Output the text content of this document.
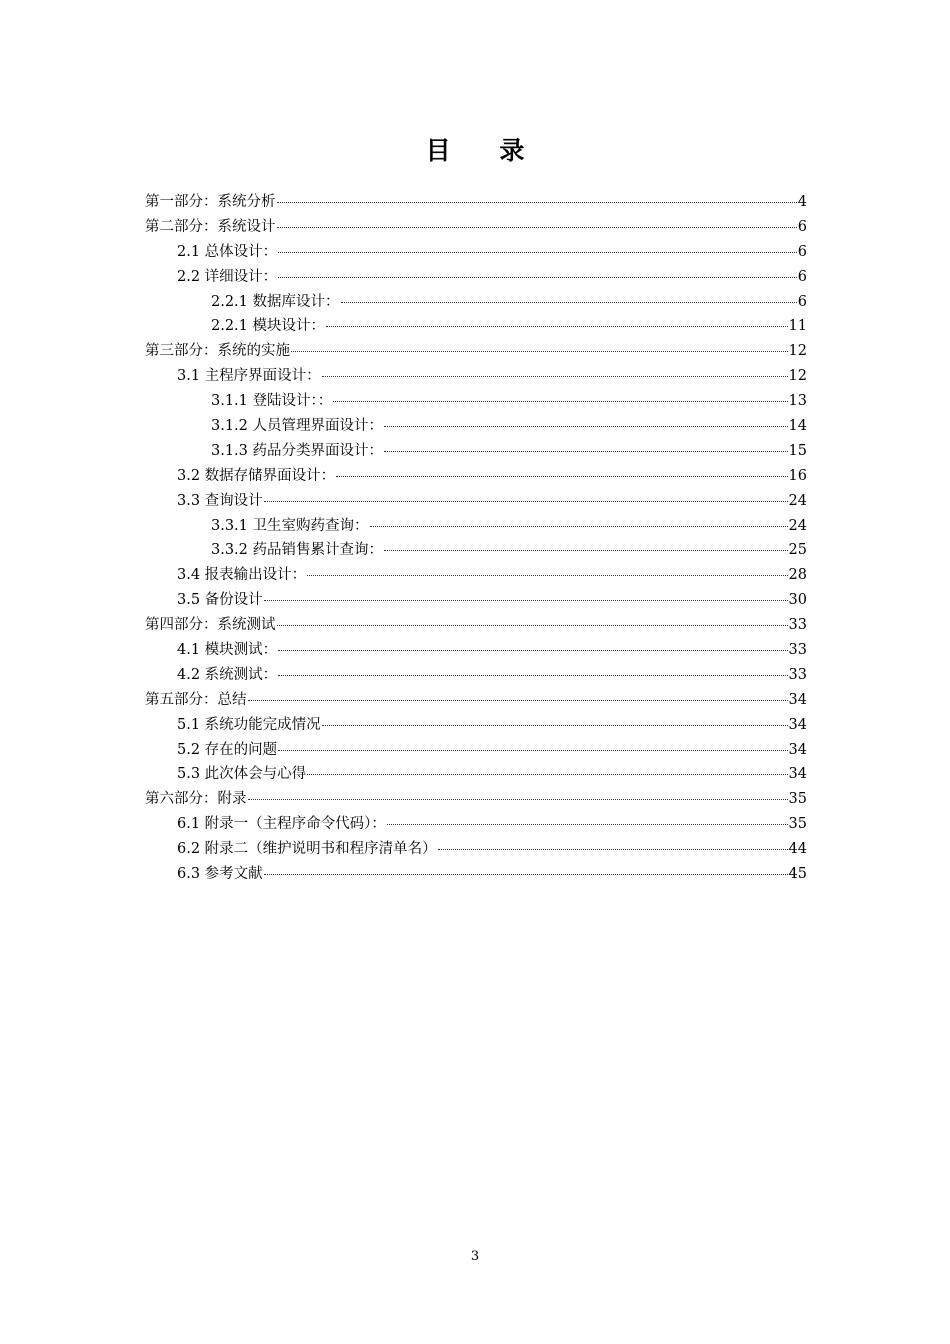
目 录
第一部分：系统分析	4
第二部分：系统设计	6
2.1 总体设计：	6
2.2 详细设计：	6
2.2.1 数据库设计：	6
2.2.1 模块设计：	11
第三部分：系统的实施	12
3.1 主程序界面设计：	12
3.1.1 登陆设计：：	13
3.1.2 人员管理界面设计：	14
3.1.3 药品分类界面设计：	15
3.2 数据存储界面设计：	16
3.3 查询设计	24
3.3.1 卫生室购药查询：	24
3.3.2 药品销售累计查询：	25
3.4 报表输出设计：	28
3.5 备份设计	30
第四部分：系统测试	33
4.1 模块测试：	33
4.2 系统测试：	33
第五部分：总结	34
5.1 系统功能完成情况	34
5.2 存在的问题	34
5.3 此次体会与心得	34
第六部分：附录	35
6.1 附录一（主程序命令代码）：	35
6.2 附录二（维护说明书和程序清单名）	44
6.3 参考文献	45
3
